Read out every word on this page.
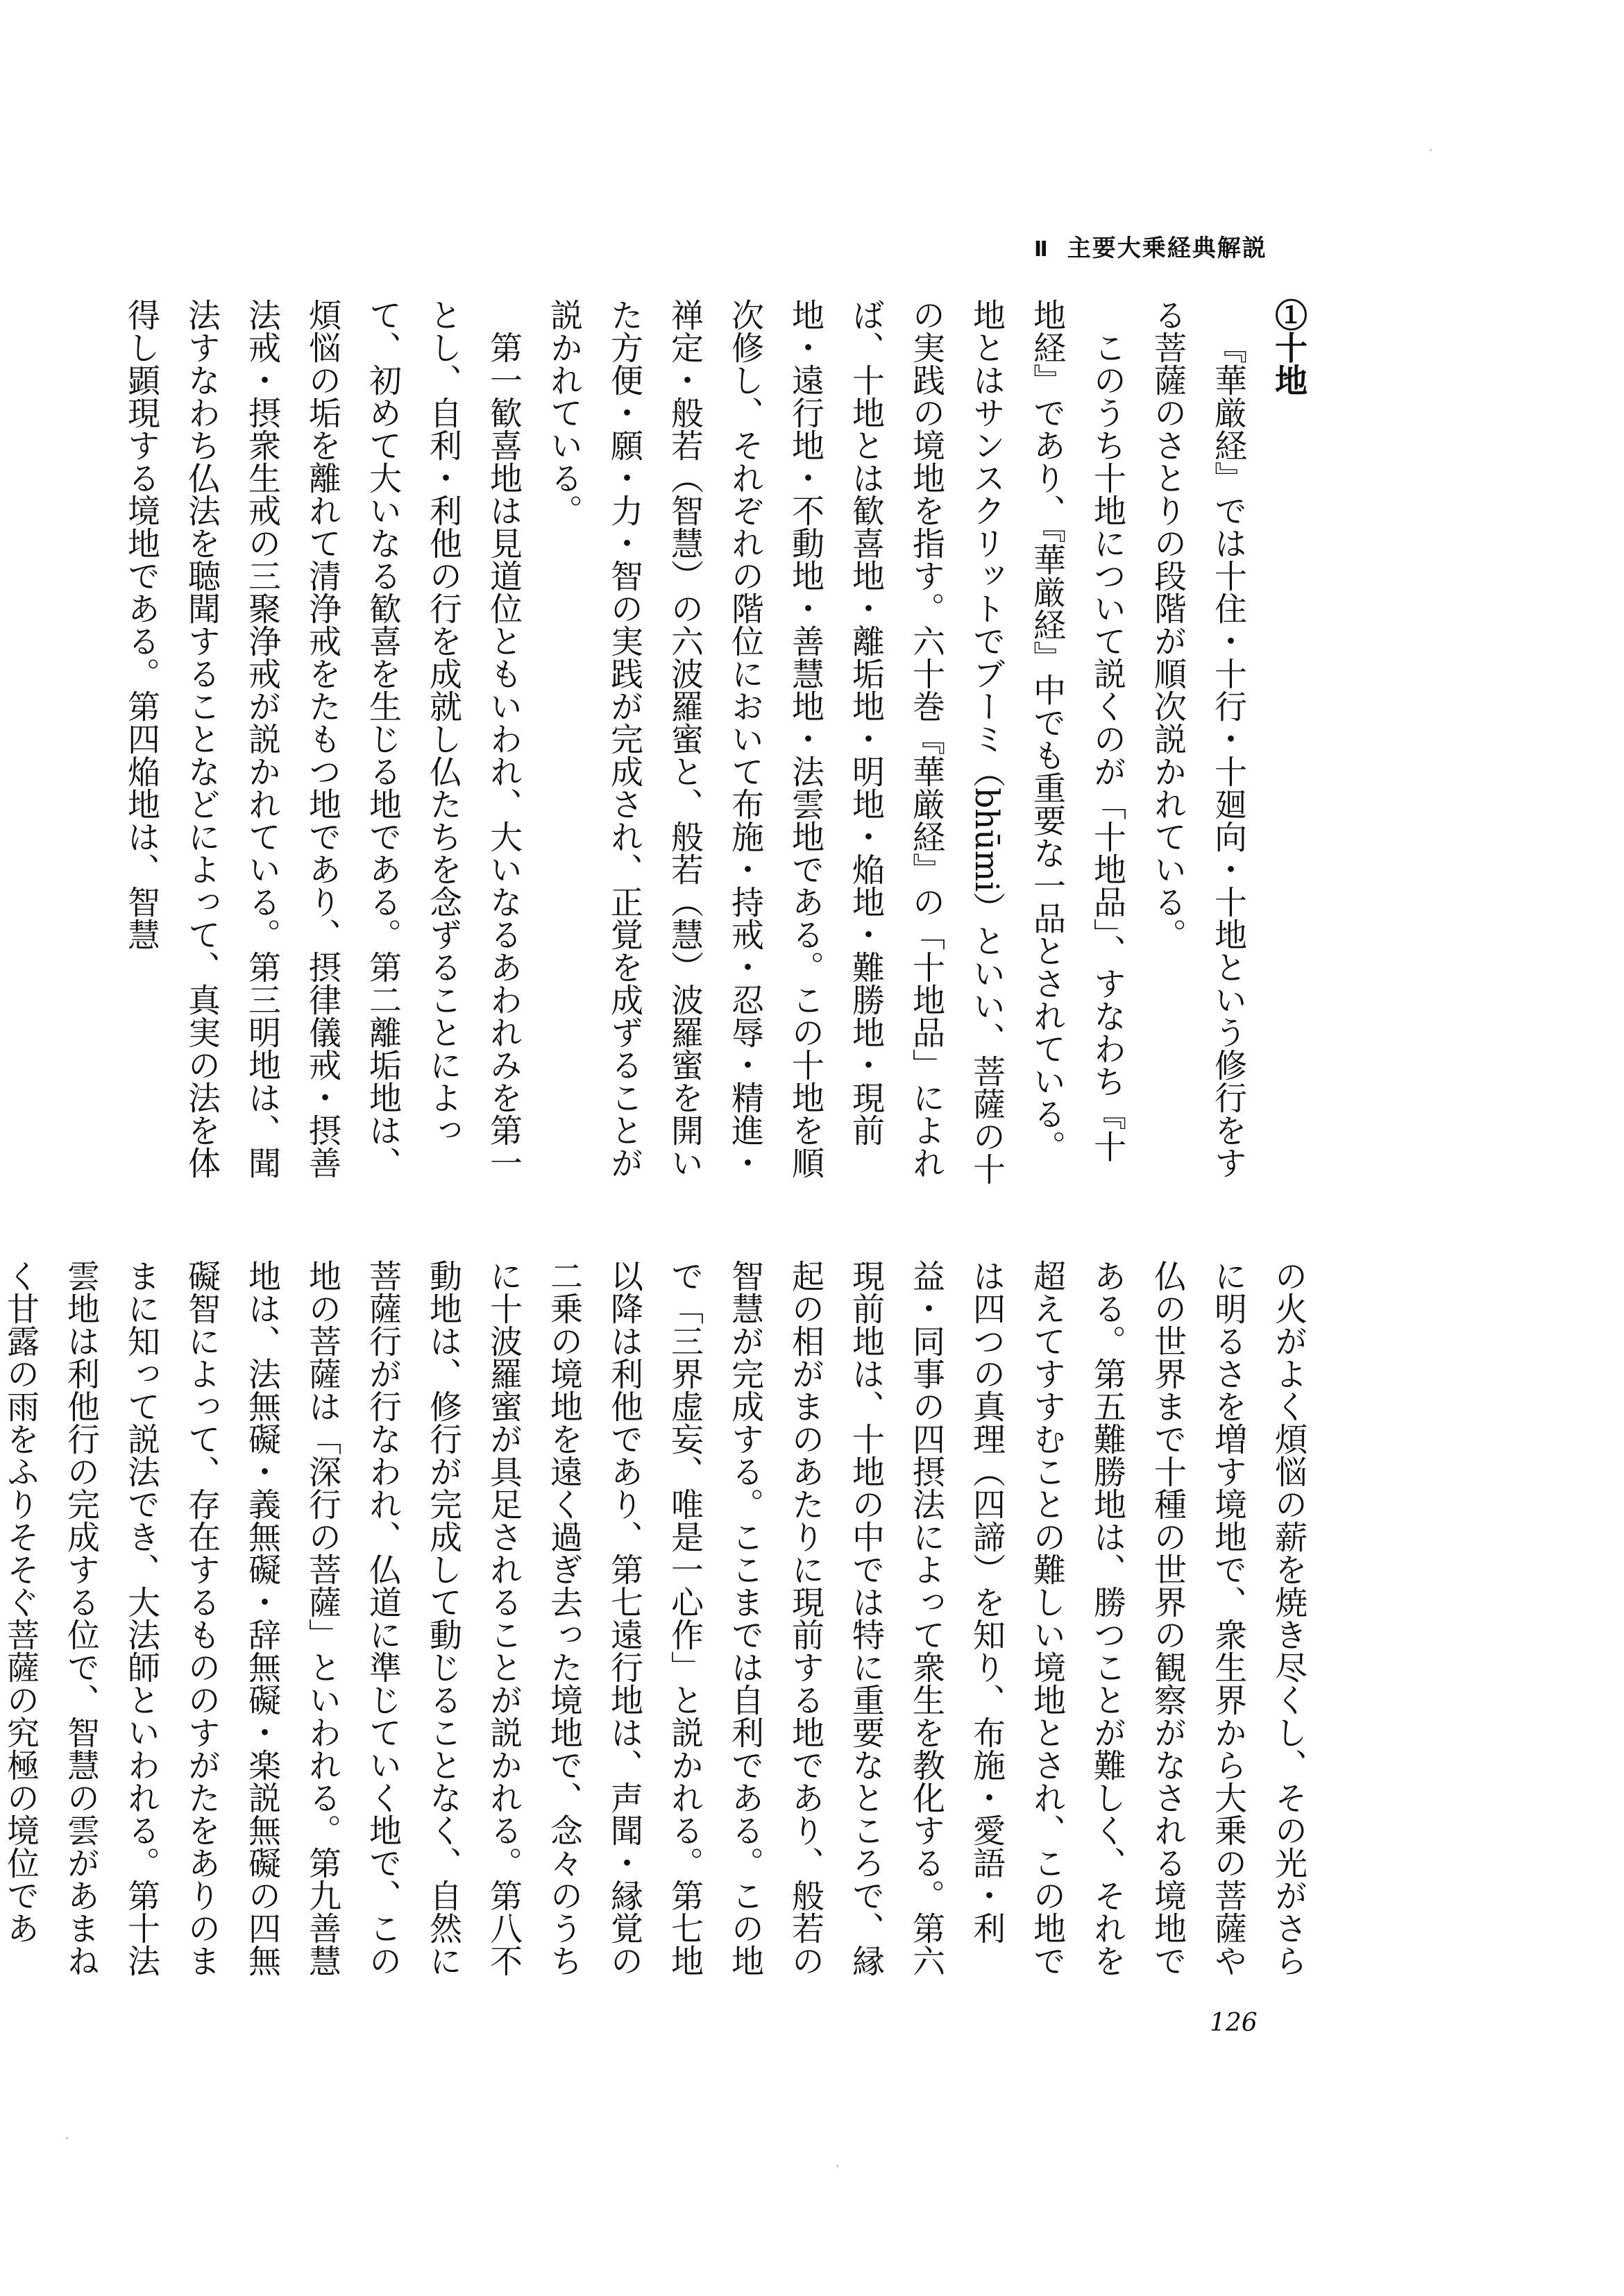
Ⅱ 主要大乗経典解説

①十地

『華厳経』では十住・十行・十廻向・十地という修行をする菩薩のさとりの段階が順次説かれている。

このうち十地について説くのが「十地品」、すなわち『十地経』であり、『華厳経』中でも重要な一品とされている。地とはサンスクリットでブーミ（bhūmi）といい、菩薩の十の実践の境地を指す。六十巻『華厳経』の「十地品」によれば、十地とは歓喜地・離垢地・明地・焔地・難勝地・現前地・遠行地・不動地・善慧地・法雲地である。この十地を順次修し、それぞれの階位において布施・持戒・忍辱・精進・禅定・般若（智慧）の六波羅蜜と、般若（慧）波羅蜜を開いた方便・願・力・智の実践が完成され、正覚を成ずることが説かれている。

第一歓喜地は見道位ともいわれ、大いなるあわれみを第一とし、自利・利他の行を成就し仏たちを念ずることによって、初めて大いなる歓喜を生じる地である。第二離垢地は、煩悩の垢を離れて清浄戒をたもつ地であり、摂律儀戒・摂善法戒・摂衆生戒の三聚浄戒が説かれている。第三明地は、聞法すなわち仏法を聴聞することなどによって、真実の法を体得し顕現する境地である。第四焔地は、智慧

の火がよく煩悩の薪を焼き尽くし、その光がさらに明るさを増す境地で、衆生界から大乗の菩薩や仏の世界まで十種の世界の観察がなされる境地である。第五難勝地は、勝つことが難しく、それを超えてすすむことの難しい境地とされ、この地では四つの真理（四諦）を知り、布施・愛語・利益・同事の四摂法によって衆生を教化する。第六現前地は、十地の中では特に重要なところで、縁起の相がまのあたりに現前する地であり、般若の智慧が完成する。ここまでは自利である。この地で「三界虚妄、唯是一心作」と説かれる。第七地以降は利他であり、第七遠行地は、声聞・縁覚の二乗の境地を遠く過ぎ去った境地で、念々のうちに十波羅蜜が具足されることが説かれる。第八不動地は、修行が完成して動じることなく、自然に菩薩行が行なわれ、仏道に準じていく地で、この地の菩薩は「深行の菩薩」といわれる。第九善慧地は、法無礙・義無礙・辞無礙・楽説無礙の四無礙智によって、存在するもののすがたをありのままに知って説法でき、大法師といわれる。第十法雲地は利他行の完成する位で、智慧の雲があまねく甘露の雨をふりそそぐ菩薩の究極の境位であ

126
